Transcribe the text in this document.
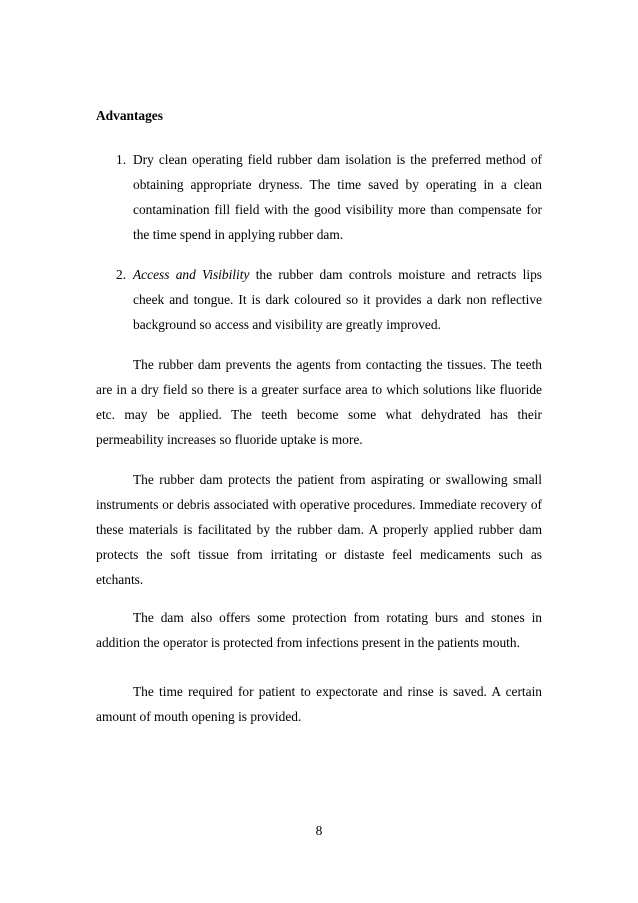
Advantages
1. Dry clean operating field rubber dam isolation is the preferred method of obtaining appropriate dryness. The time saved by operating in a clean contamination fill field with the good visibility more than compensate for the time spend in applying rubber dam.
2. Access and Visibility the rubber dam controls moisture and retracts lips cheek and tongue. It is dark coloured so it provides a dark non reflective background so access and visibility are greatly improved.

The rubber dam prevents the agents from contacting the tissues. The teeth are in a dry field so there is a greater surface area to which solutions like fluoride etc. may be applied. The teeth become some what dehydrated has their permeability increases so fluoride uptake is more.

The rubber dam protects the patient from aspirating or swallowing small instruments or debris associated with operative procedures. Immediate recovery of these materials is facilitated by the rubber dam. A properly applied rubber dam protects the soft tissue from irritating or distaste feel medicaments such as etchants.

The dam also offers some protection from rotating burs and stones in addition the operator is protected from infections present in the patients mouth.

The time required for patient to expectorate and rinse is saved. A certain amount of mouth opening is provided.

8
